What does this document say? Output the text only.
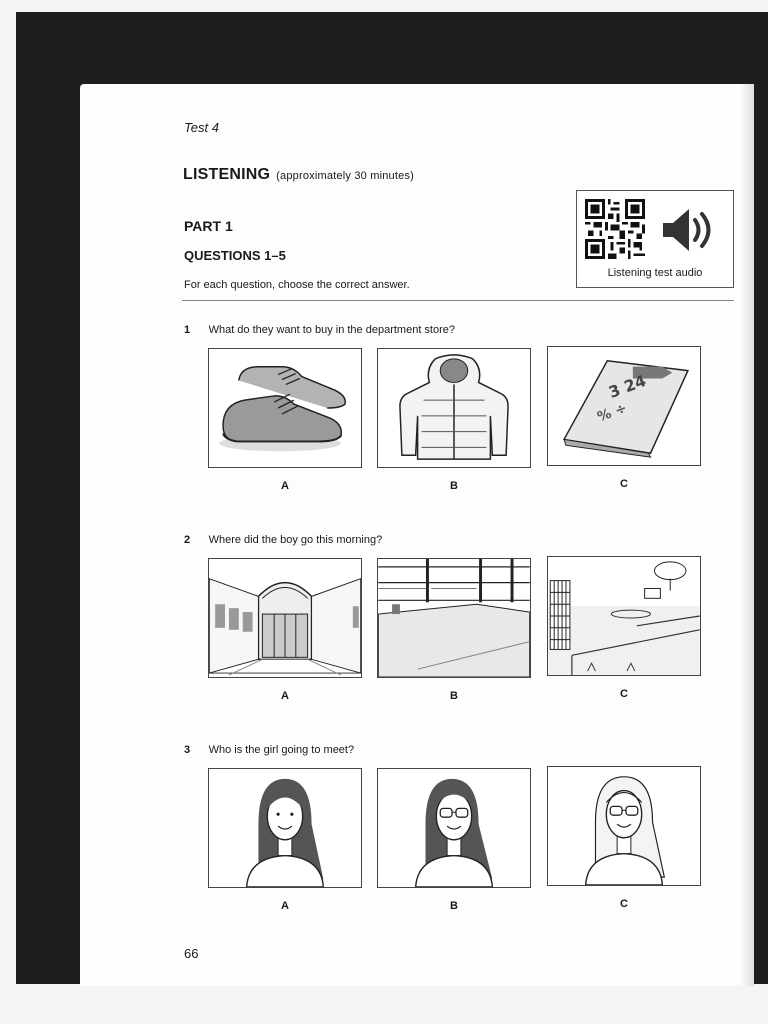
Test 4
LISTENING (approximately 30 minutes)
PART 1
QUESTIONS 1–5
For each question, choose the correct answer.
Listening test audio
1 What do they want to buy in the department store?
3 24
% ÷
A	B	C
2 Where did the boy go this morning?
A	B	C
3 Who is the girl going to meet?
A	B	C
66
